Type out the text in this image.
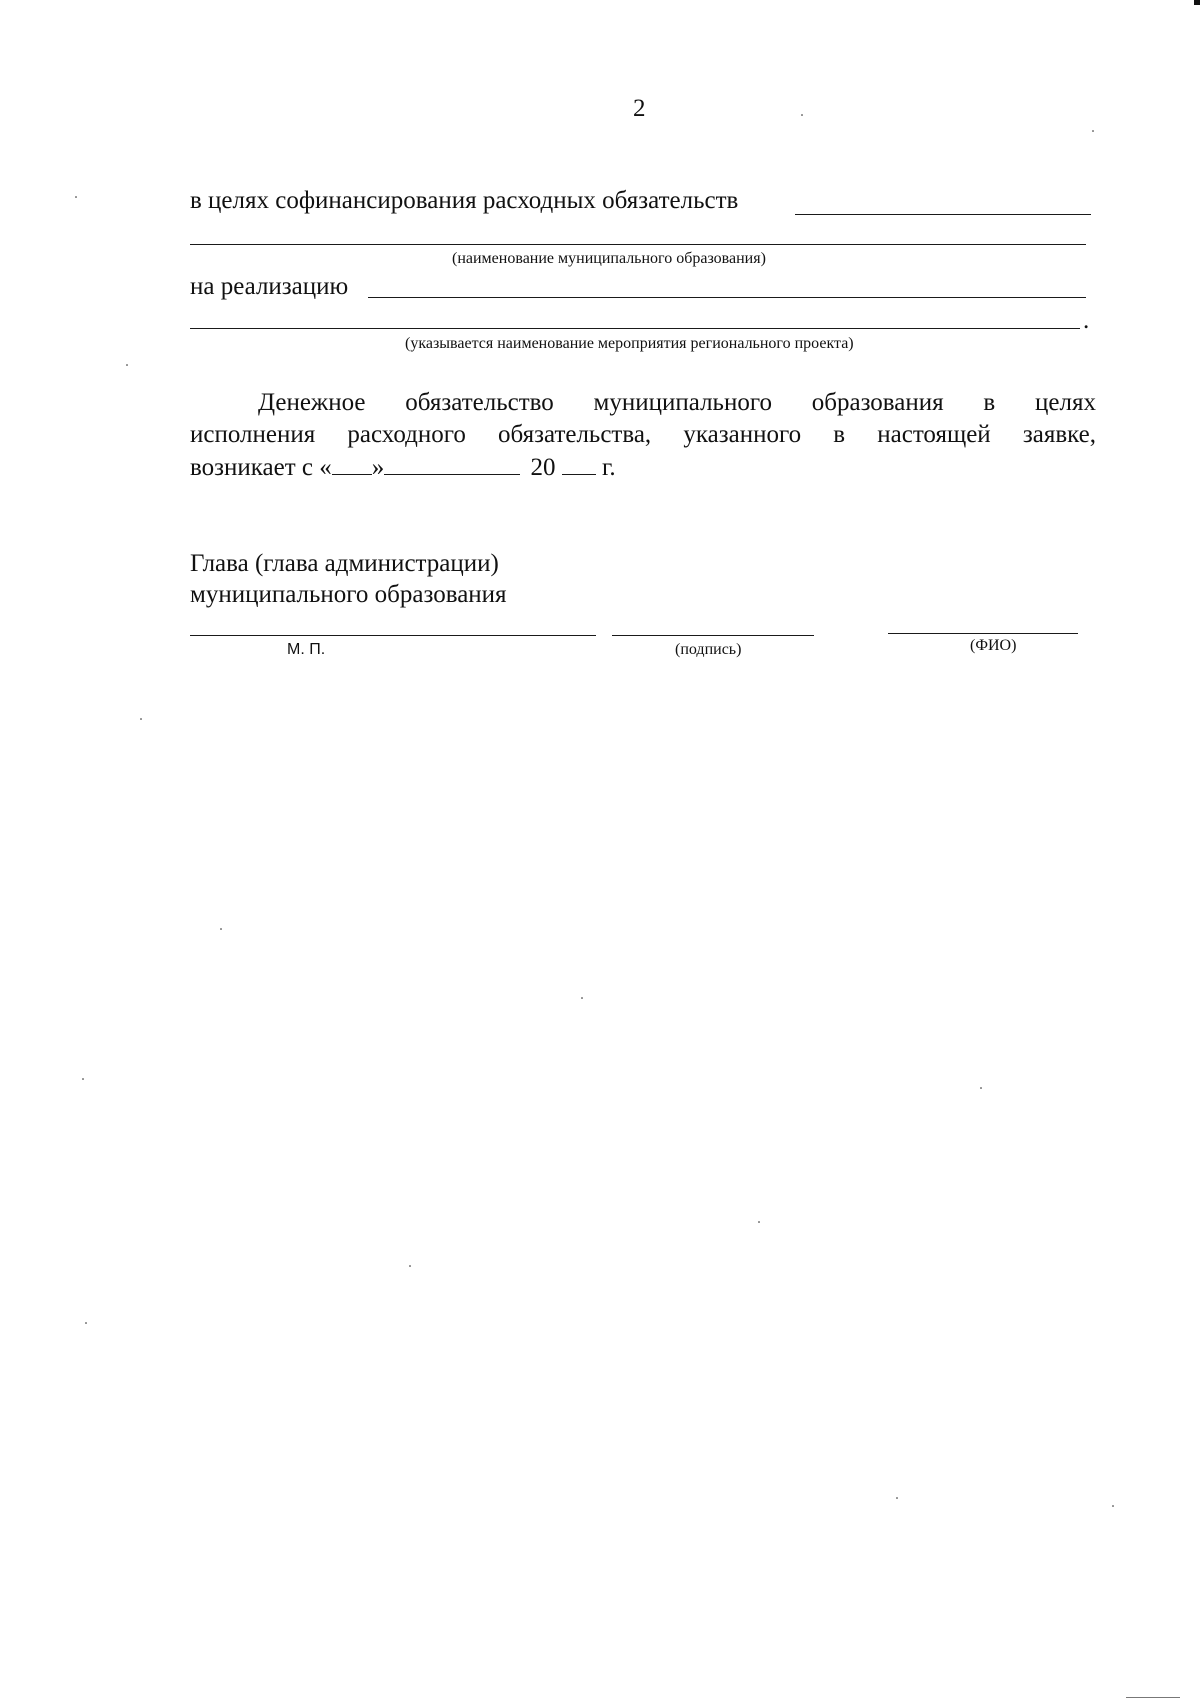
2
в целях софинансирования расходных обязательств
(наименование муниципального образования)
на реализацию
.
(указывается наименование мероприятия регионального проекта)
Денежное обязательство муниципального образования в целях
исполнения расходного обязательства, указанного в настоящей заявке,
возникает с « »	20 г.
Глава (глава администрации)
муниципального образования
М. П.	(подпись)	(ФИО)
